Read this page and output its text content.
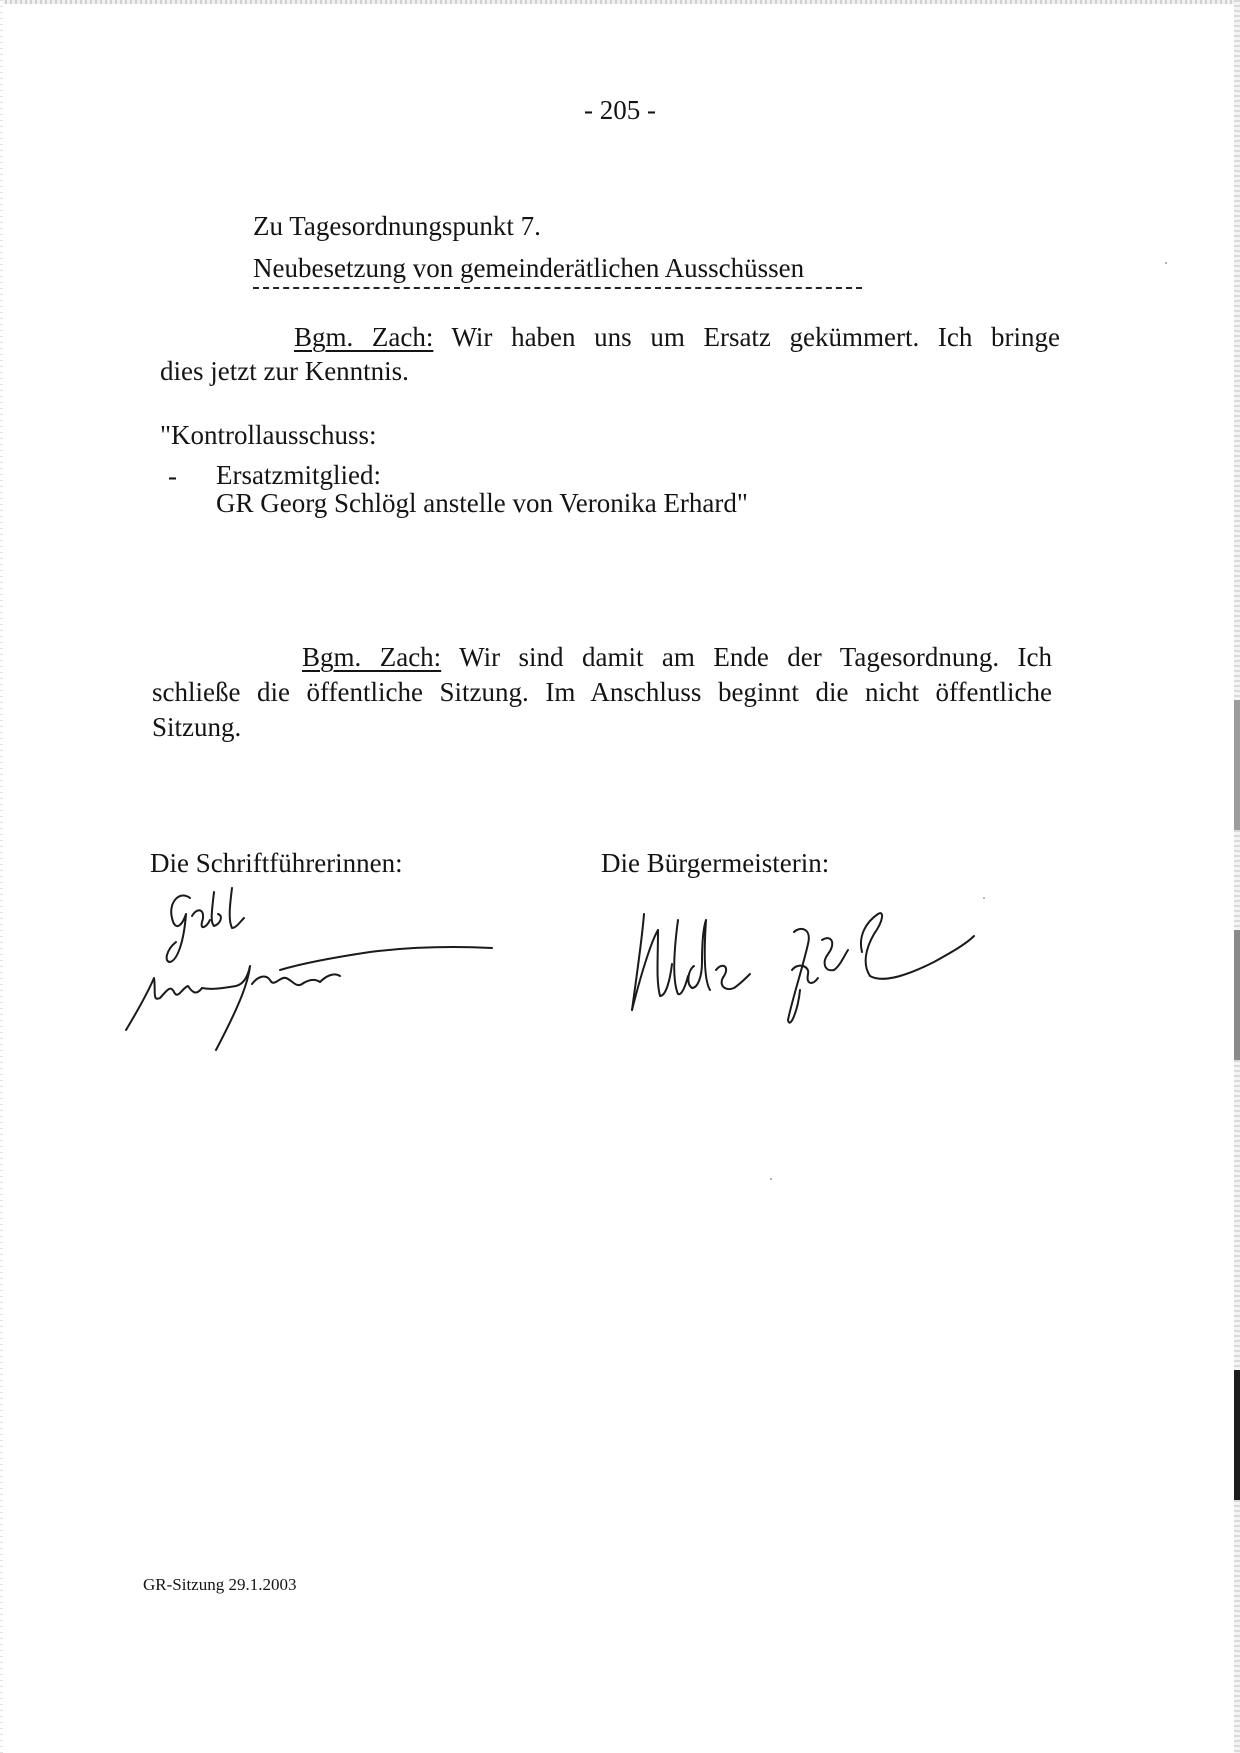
- 205 -
Zu Tagesordnungspunkt 7.
Neubesetzung von gemeinderätlichen Ausschüssen
Bgm. Zach: Wir haben uns um Ersatz gekümmert. Ich bringe
dies jetzt zur Kenntnis.
"Kontrollausschuss:
- Ersatzmitglied:
GR Georg Schlögl anstelle von Veronika Erhard"
Bgm. Zach: Wir sind damit am Ende der Tagesordnung. Ich
schließe die öffentliche Sitzung. Im Anschluss beginnt die nicht öffentliche
Sitzung.
Die Schriftführerinnen:	Die Bürgermeisterin:
GR-Sitzung 29.1.2003
